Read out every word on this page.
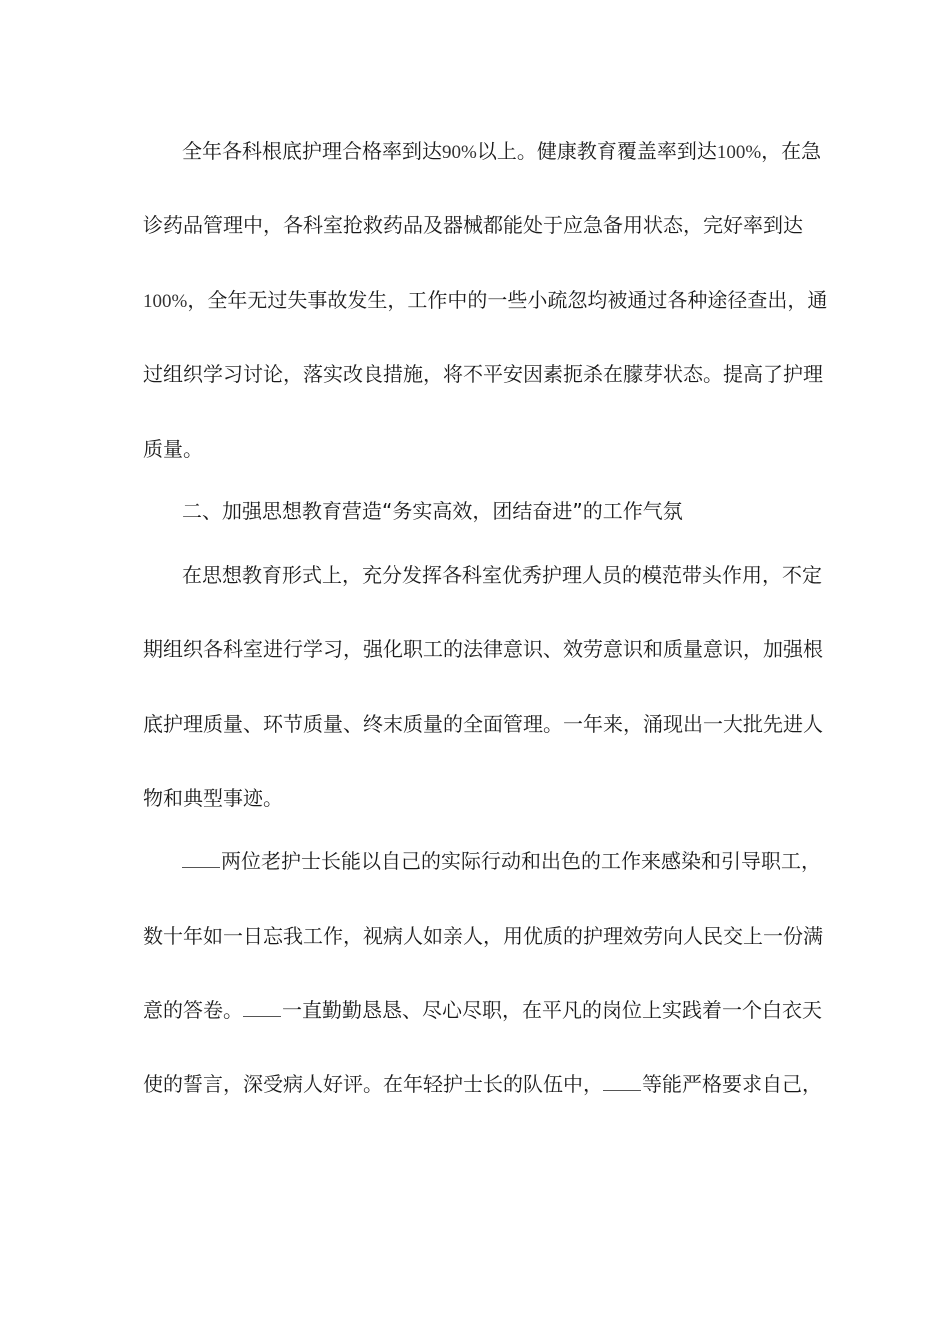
全年各科根底护理合格率到达90%以上。健康教育覆盖率到达100%，在急
诊药品管理中，各科室抢救药品及器械都能处于应急备用状态，完好率到达
100%，全年无过失事故发生，工作中的一些小疏忽均被通过各种途径查出，通
过组织学习讨论，落实改良措施，将不平安因素扼杀在朦芽状态。提高了护理
质量。
二、加强思想教育营造“务实高效，团结奋进”的工作气氛
在思想教育形式上，充分发挥各科室优秀护理人员的模范带头作用，不定
期组织各科室进行学习，强化职工的法律意识、效劳意识和质量意识，加强根
底护理质量、环节质量、终末质量的全面管理。一年来，涌现出一大批先进人
物和典型事迹。
两位老护士长能以自己的实际行动和出色的工作来感染和引导职工，
数十年如一日忘我工作，视病人如亲人，用优质的护理效劳向人民交上一份满
意的答卷。 一直勤勤恳恳、尽心尽职，在平凡的岗位上实践着一个白衣天
使的誓言，深受病人好评。在年轻护士长的队伍中， 等能严格要求自己，
